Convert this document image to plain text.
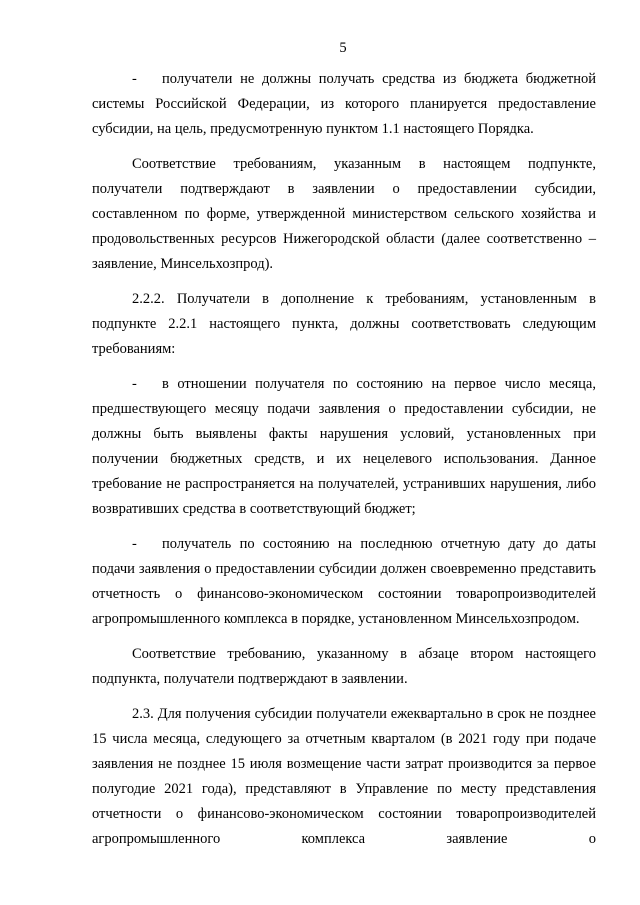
5

- получатели не должны получать средства из бюджета бюджетной системы Российской Федерации, из которого планируется предоставление субсидии, на цель, предусмотренную пунктом 1.1 настоящего Порядка.

Соответствие требованиям, указанным в настоящем подпункте, получатели подтверждают в заявлении о предоставлении субсидии, составленном по форме, утвержденной министерством сельского хозяйства и продовольственных ресурсов Нижегородской области (далее соответственно – заявление, Минсельхозпрод).

2.2.2. Получатели в дополнение к требованиям, установленным в подпункте 2.2.1 настоящего пункта, должны соответствовать следующим требованиям:

- в отношении получателя по состоянию на первое число месяца, предшествующего месяцу подачи заявления о предоставлении субсидии, не должны быть выявлены факты нарушения условий, установленных при получении бюджетных средств, и их нецелевого использования. Данное требование не распространяется на получателей, устранивших нарушения, либо возвративших средства в соответствующий бюджет;

- получатель по состоянию на последнюю отчетную дату до даты подачи заявления о предоставлении субсидии должен своевременно представить отчетность о финансово-экономическом состоянии товаропроизводителей агропромышленного комплекса в порядке, установленном Минсельхозпродом.

Соответствие требованию, указанному в абзаце втором настоящего подпункта, получатели подтверждают в заявлении.

2.3. Для получения субсидии получатели ежеквартально в срок не позднее 15 числа месяца, следующего за отчетным кварталом (в 2021 году при подаче заявления не позднее 15 июля возмещение части затрат производится за первое полугодие 2021 года), представляют в Управление по месту представления отчетности о финансово-экономическом состоянии товаропроизводителей агропромышленного комплекса заявление о
